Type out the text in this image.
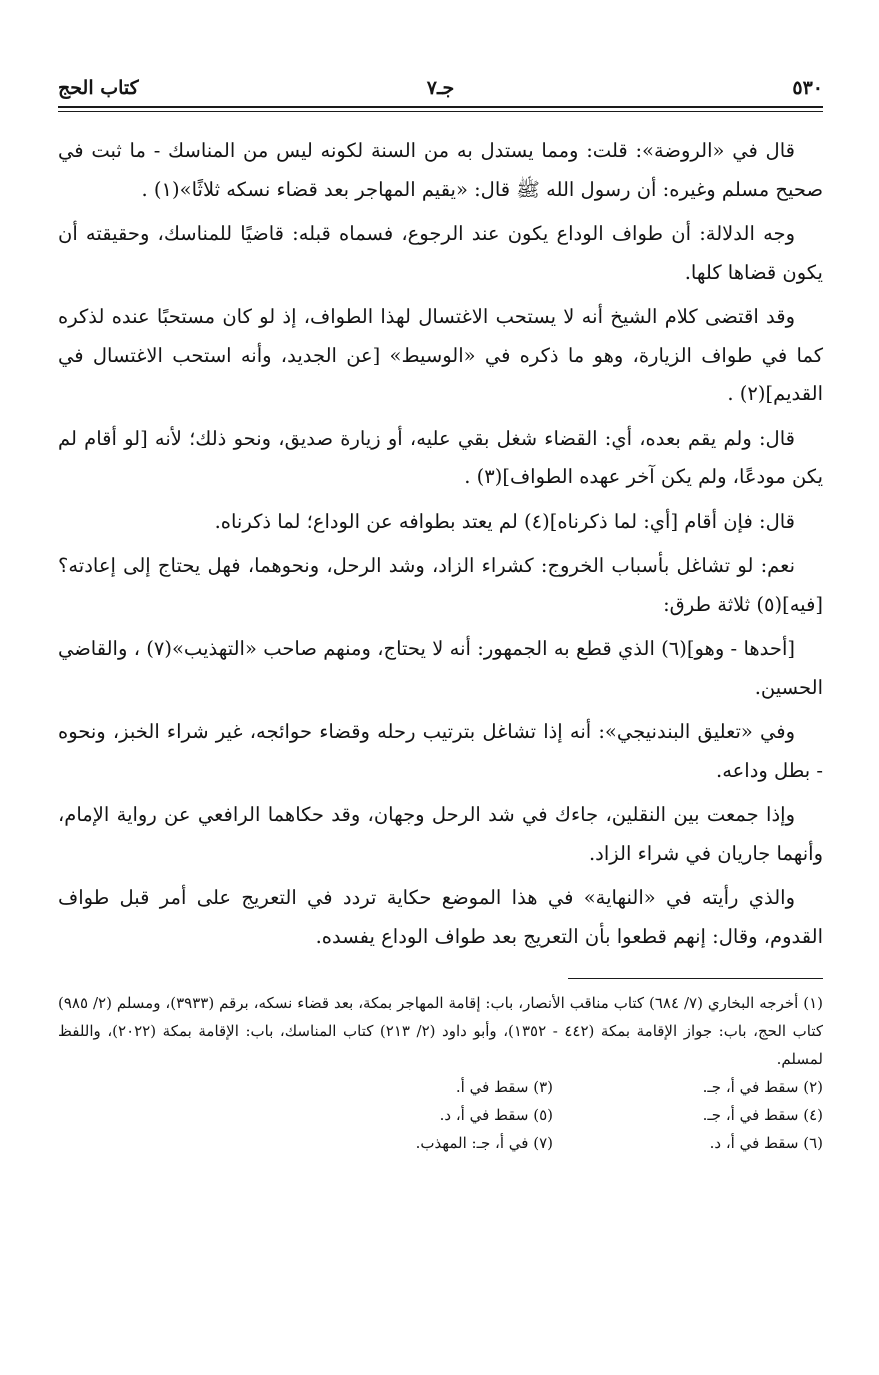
٥٣٠
جـ٧
كتاب الحج

قال في «الروضة»: قلت: ومما يستدل به من السنة لكونه ليس من المناسك - ما ثبت في صحيح مسلم وغيره: أن رسول الله ﷺ قال: «يقيم المهاجر بعد قضاء نسكه ثلاثًا»(١) .

وجه الدلالة: أن طواف الوداع يكون عند الرجوع، فسماه قبله: قاضيًا للمناسك، وحقيقته أن يكون قضاها كلها.

وقد اقتضى كلام الشيخ أنه لا يستحب الاغتسال لهذا الطواف، إذ لو كان مستحبًا عنده لذكره كما في طواف الزيارة، وهو ما ذكره في «الوسيط» [عن الجديد، وأنه استحب الاغتسال في القديم](٢) .

قال: ولم يقم بعده، أي: القضاء شغل بقي عليه، أو زيارة صديق، ونحو ذلك؛ لأنه [لو أقام لم يكن مودعًا، ولم يكن آخر عهده الطواف](٣) .

قال: فإن أقام [أي: لما ذكرناه](٤) لم يعتد بطوافه عن الوداع؛ لما ذكرناه.

نعم: لو تشاغل بأسباب الخروج: كشراء الزاد، وشد الرحل، ونحوهما، فهل يحتاج إلى إعادته؟ [فيه](٥) ثلاثة طرق:

[أحدها - وهو](٦) الذي قطع به الجمهور: أنه لا يحتاج، ومنهم صاحب «التهذيب»(٧) ، والقاضي الحسين.

وفي «تعليق البندنيجي»: أنه إذا تشاغل بترتيب رحله وقضاء حوائجه، غير شراء الخبز، ونحوه - بطل وداعه.

وإذا جمعت بين النقلين، جاءك في شد الرحل وجهان، وقد حكاهما الرافعي عن رواية الإمام، وأنهما جاريان في شراء الزاد.

والذي رأيته في «النهاية» في هذا الموضع حكاية تردد في التعريج على أمر قبل طواف القدوم، وقال: إنهم قطعوا بأن التعريج بعد طواف الوداع يفسده.

(١) أخرجه البخاري (٧/ ٦٨٤) كتاب مناقب الأنصار، باب: إقامة المهاجر بمكة، بعد قضاء نسكه، برقم (٣٩٣٣)، ومسلم (٢/ ٩٨٥) كتاب الحج، باب: جواز الإقامة بمكة (٤٤٢ - ١٣٥٢)، وأبو داود (٢/ ٢١٣) كتاب المناسك، باب: الإقامة بمكة (٢٠٢٢)، واللفظ لمسلم.
(٢) سقط في أ، جـ.
(٣) سقط في أ.
(٤) سقط في أ، جـ.
(٥) سقط في أ، د.
(٦) سقط في أ، د.
(٧) في أ، جـ: المهذب.
